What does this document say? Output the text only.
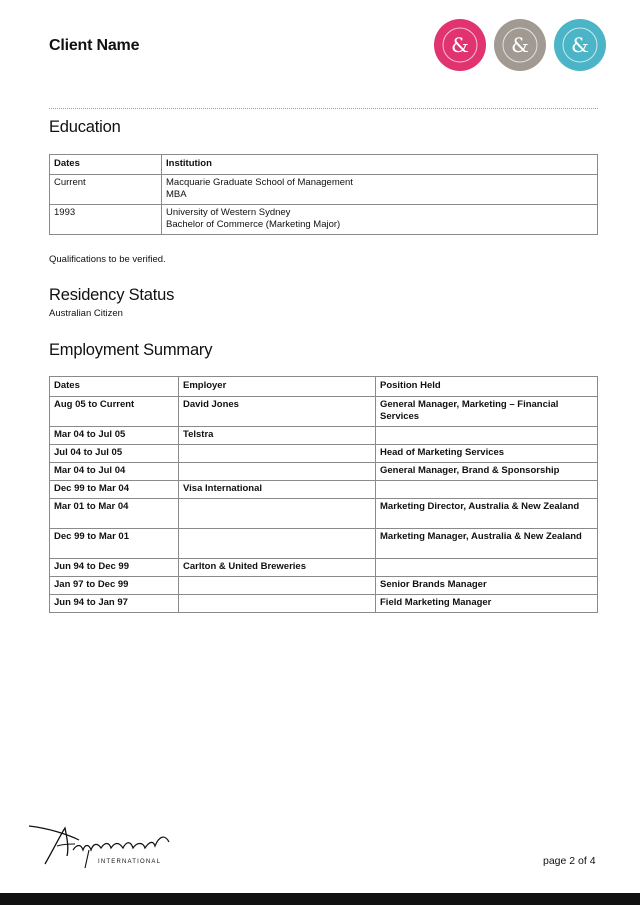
Client Name	& & &
Education
Dates	Institution
Current	Macquarie Graduate School of Management
MBA

1993	University of Western Sydney
Bachelor of Commerce (Marketing Major)

Qualifications to be verified.

Residency Status

Australian Citizen

Employment Summary
Dates	Employer	Position Held
Aug 05 to Current	David Jones	General Manager, Marketing – Financial Services
Mar 04 to Jul 05	Telstra	
Jul 04 to Jul 05		Head of Marketing Services
Mar 04 to Jul 04		General Manager, Brand & Sponsorship
Dec 99 to Mar 04	Visa International	
Mar 01 to Mar 04		Marketing Director, Australia & New Zealand
Dec 99 to Mar 01		Marketing Manager, Australia & New Zealand
Jun 94 to Dec 99	Carlton & United Breweries	
Jan 97 to Dec 99		Senior Brands Manager
Jun 94 to Jan 97		Field Marketing Manager
INTERNATIONAL	page 2 of 4
